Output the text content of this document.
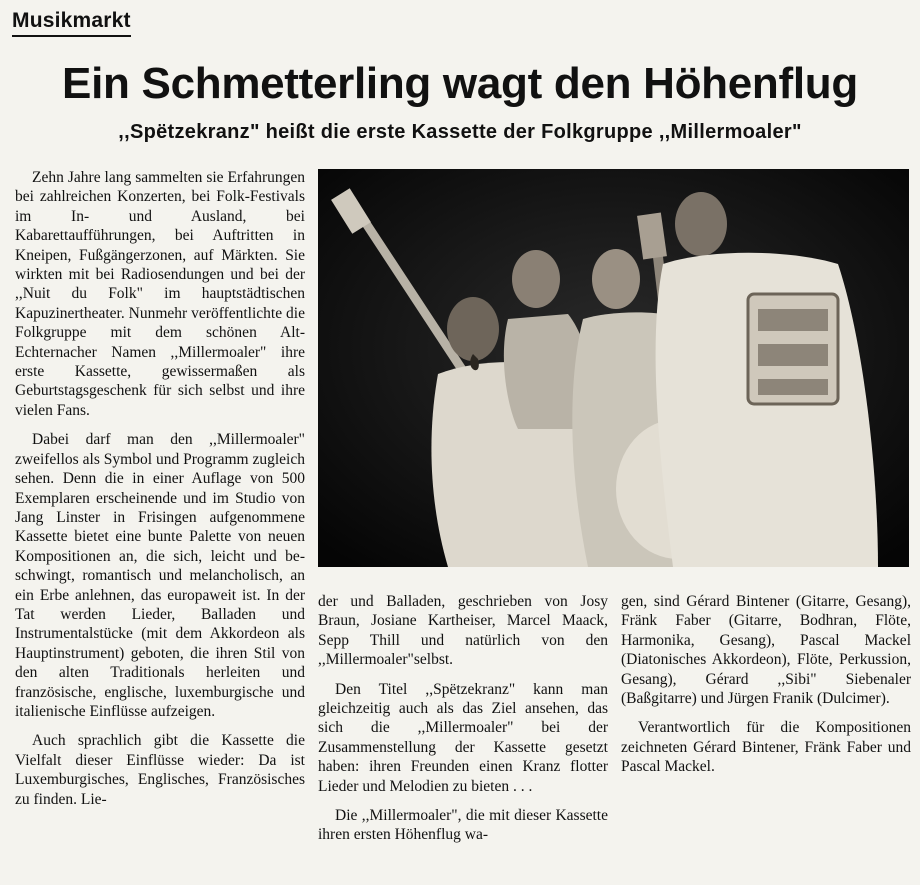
Musikmarkt
Ein Schmetterling wagt den Höhenflug
,,Spëtzekranz" heißt die erste Kassette der Folkgruppe ,,Millermoaler"

Zehn Jahre lang sammelten sie Erfahrungen bei zahlreichen Konzerten, bei Folk-Festivals im In- und Ausland, bei Kabarettaufführungen, bei Auftritten in Kneipen, Fußgängerzonen, auf Märkten. Sie wirkten mit bei Radiosendungen und bei der ,,Nuit du Folk" im hauptstädtischen Kapuzinertheater. Nunmehr veröffentlichte die Folkgruppe mit dem schönen Alt-Echternacher Namen ,,Millermoaler" ihre erste Kassette, gewissermaßen als Geburtstagsgeschenk für sich selbst und ihre vielen Fans.

Dabei darf man den ,,Millermoaler" zweifellos als Symbol und Programm zugleich sehen. Denn die in einer Auflage von 500 Exemplaren erscheinende und im Studio von Jang Linster in Frisingen aufgenommene Kassette bietet eine bunte Palette von neuen Kompositionen an, die sich, leicht und beschwingt, romantisch und melancholisch, an ein Erbe anlehnen, das europaweit ist. In der Tat werden Lieder, Balladen und Instrumentalstücke (mit dem Akkordeon als Hauptinstrument) geboten, die ihren Stil von den alten Traditionals herleiten und französische, englische, luxemburgische und italienische Einflüsse aufzeigen.

Auch sprachlich gibt die Kassette die Vielfalt dieser Einflüsse wieder: Da ist Luxemburgisches, Englisches, Französisches zu finden. Lie-

der und Balladen, geschrieben von Josy Braun, Josiane Kartheiser, Marcel Maack, Sepp Thill und natürlich von den ,,Millermoaler"selbst.

Den Titel ,,Spëtzekranz" kann man gleichzeitig auch als das Ziel ansehen, das sich die ,,Millermoaler" bei der Zusammenstellung der Kassette gesetzt haben: ihren Freunden einen Kranz flotter Lieder und Melodien zu bieten . . .

Die ,,Millermoaler", die mit dieser Kassette ihren ersten Höhenflug wa-

gen, sind Gérard Bintener (Gitarre, Gesang), Fränk Faber (Gitarre, Bodhran, Flöte, Harmonika, Gesang), Pascal Mackel (Diatonisches Akkordeon), Flöte, Perkussion, Gesang), Gérard ,,Sibi" Siebenaler (Baßgitarre) und Jürgen Franik (Dulcimer).

Verantwortlich für die Kompositionen zeichneten Gérard Bintener, Fränk Faber und Pascal Mackel.
